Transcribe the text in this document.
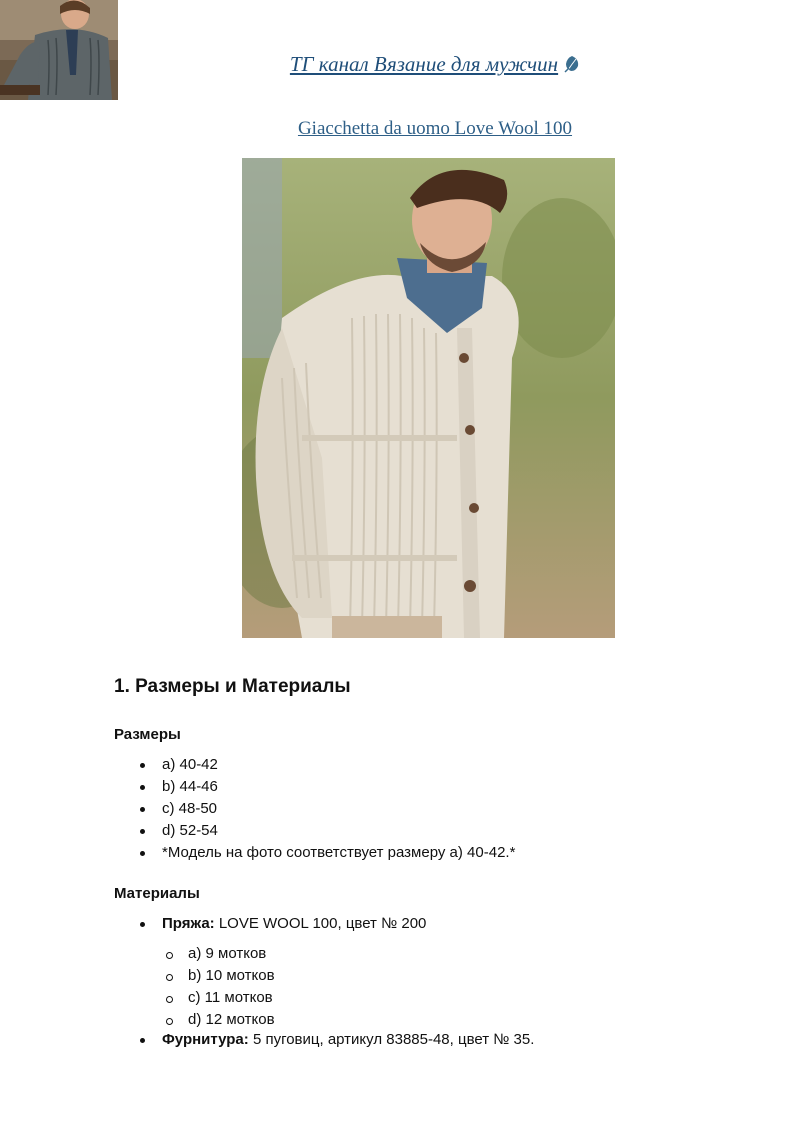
ТГ канал Вязание для мужчин
Giacchetta da uomo Love Wool 100
1. Размеры и Материалы
Размеры
a) 40-42
b) 44-46
c) 48-50
d) 52-54
*Модель на фото соответствует размеру a) 40-42.*
Материалы
Пряжа: LOVE WOOL 100, цвет № 200
a) 9 мотков
b) 10 мотков
c) 11 мотков
d) 12 мотков
Фурнитура: 5 пуговиц, артикул 83885-48, цвет № 35.
